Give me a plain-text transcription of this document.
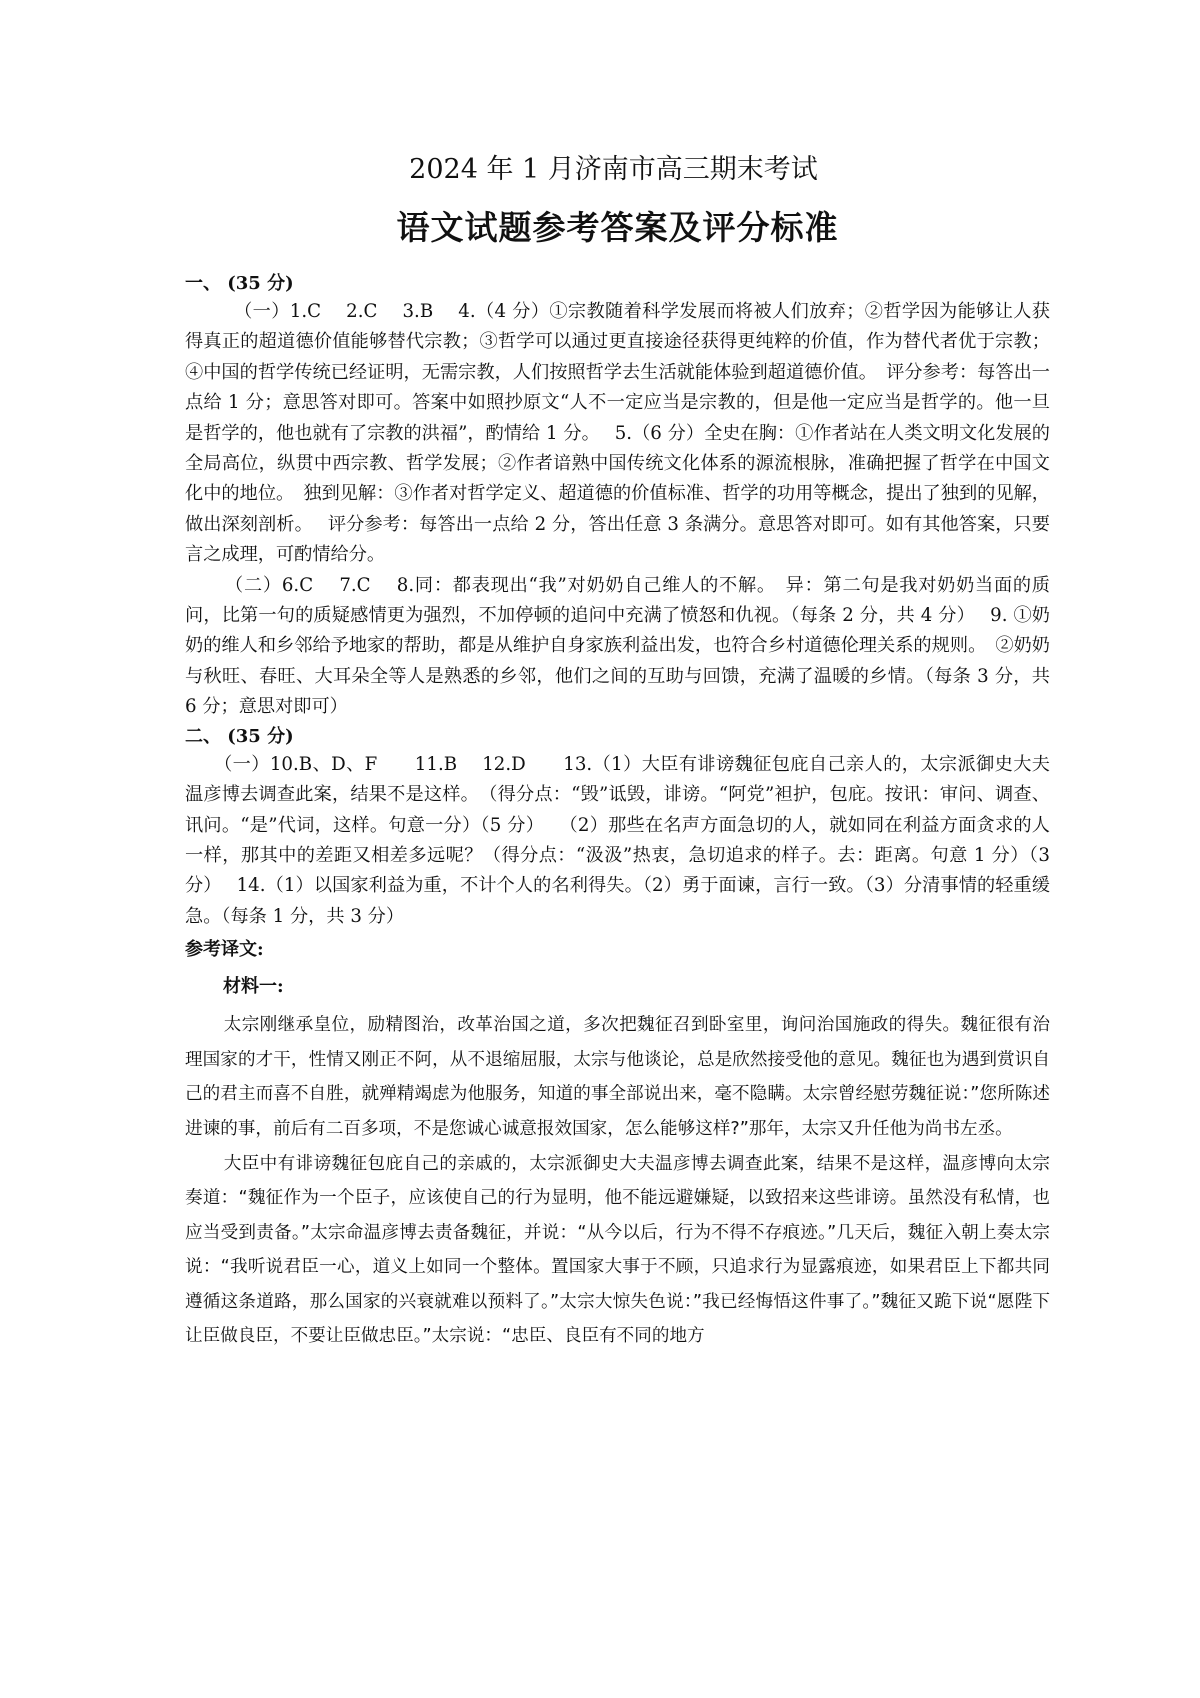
2024 年 1 月济南市高三期末考试
语文试题参考答案及评分标准

一、 (35 分)

（一）1.C　 2.C　 3.B　 4.（4 分）①宗教随着科学发展而将被人们放弃；②哲学因为能够让人获得真正的超道德价值能够替代宗教；③哲学可以通过更直接途径获得更纯粹的价值，作为替代者优于宗教；④中国的哲学传统已经证明，无需宗教，人们按照哲学去生活就能体验到超道德价值。　评分参考：每答出一点给 1 分；意思答对即可。答案中如照抄原文“人不一定应当是宗教的，但是他一定应当是哲学的。他一旦是哲学的，他也就有了宗教的洪福”，酌情给 1 分。　 5.（6 分）全史在胸：①作者站在人类文明文化发展的全局高位，纵贯中西宗教、哲学发展；②作者谙熟中国传统文化体系的源流根脉，准确把握了哲学在中国文化中的地位。　独到见解：③作者对哲学定义、超道德的价值标准、哲学的功用等概念，提出了独到的见解，做出深刻剖析。　 评分参考：每答出一点给 2 分，答出任意 3 条满分。意思答对即可。如有其他答案，只要言之成理，可酌情给分。

（二）6.C　 7.C　 8.同：都表现出“我”对奶奶自己维人的不解。　异：第二句是我对奶奶当面的质问，比第一句的质疑感情更为强烈，不加停顿的追问中充满了愤怒和仇视。（每条 2 分，共 4 分）　 9. ①奶奶的维人和乡邻给予地家的帮助，都是从维护自身家族利益出发，也符合乡村道德伦理关系的规则。　②奶奶与秋旺、春旺、大耳朵全等人是熟悉的乡邻，他们之间的互助与回馈，充满了温暖的乡情。（每条 3 分，共 6 分；意思对即可）

二、 (35 分)

（一）10.B、D、F　　11.B　 12.D　　13.（1）大臣有诽谤魏征包庇自己亲人的，太宗派御史大夫温彦博去调查此案，结果不是这样。　（得分点：“毁”诋毁，诽谤。“阿党”袒护，包庇。按讯：审问、调查、讯问。“是”代词，这样。句意一分）（5 分）　 （2）那些在名声方面急切的人，就如同在利益方面贪求的人一样，那其中的差距又相差多远呢？（得分点：“汲汲”热衷，急切追求的样子。去：距离。句意 1 分）（3 分）　 14.（1）以国家利益为重，不计个人的名利得失。（2）勇于面谏，言行一致。（3）分清事情的轻重缓急。（每条 1 分，共 3 分）

参考译文:

材料一:

太宗刚继承皇位，励精图治，改革治国之道，多次把魏征召到卧室里，询问治国施政的得失。魏征很有治理国家的才干，性情又刚正不阿，从不退缩屈服，太宗与他谈论，总是欣然接受他的意见。魏征也为遇到赏识自己的君主而喜不自胜，就殚精竭虑为他服务，知道的事全部说出来，毫不隐瞒。太宗曾经慰劳魏征说：”您所陈述进谏的事，前后有二百多项，不是您诚心诚意报效国家，怎么能够这样?”那年，太宗又升任他为尚书左丞。

大臣中有诽谤魏征包庇自己的亲戚的，太宗派御史大夫温彦博去调查此案，结果不是这样，温彦博向太宗奏道：“魏征作为一个臣子，应该使自己的行为显明，他不能远避嫌疑，以致招来这些诽谤。虽然没有私情，也应当受到责备。”太宗命温彦博去责备魏征，并说：“从今以后，行为不得不存痕迹。”几天后，魏征入朝上奏太宗说：“我听说君臣一心，道义上如同一个整体。置国家大事于不顾，只追求行为显露痕迹，如果君臣上下都共同遵循这条道路，那么国家的兴衰就难以预料了。”太宗大惊失色说：”我已经悔悟这件事了。”魏征又跪下说“愿陛下让臣做良臣，不要让臣做忠臣。”太宗说：“忠臣、良臣有不同的地方
